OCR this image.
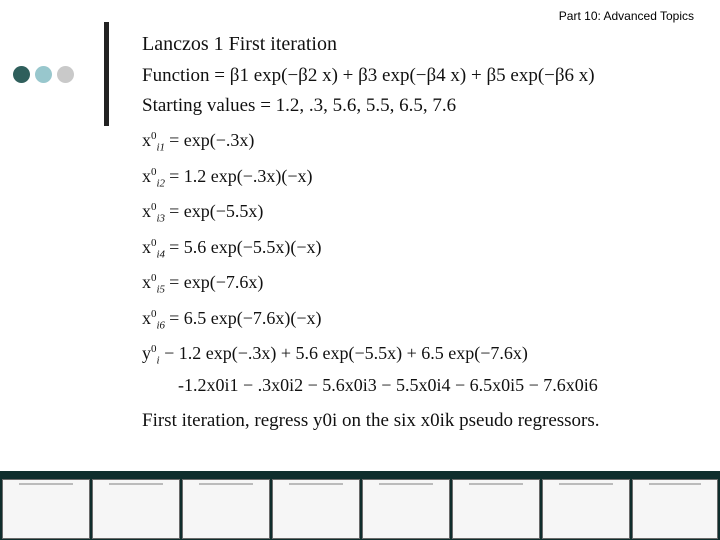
Part 10: Advanced Topics
Lanczos 1 First iteration
Function = β1 exp(−β2 x) + β3 exp(−β4 x) + β5 exp(−β6 x)
Starting values = 1.2, .3, 5.6, 5.5, 6.5, 7.6
$x^0_{i1} = \exp(-.3x)$
$x^0_{i2} = 1.2$ exp(−.3x)(−x)
$x^0_{i3} = \exp(-5.5x)$
$x^0_{i4} = 5.6$ exp(−5.5x)(−x)
$x^0_{i5} = \exp(-7.6x)$
$x^0_{i6} = 6.5$ exp(−7.6x)(−x)
$y^0_i - 1.2$ exp(−.3x) + 5.6 exp(−5.5x) + 6.5 exp(−7.6x)
-1.2x0i1 − .3x0i2 − 5.6x0i3 − 5.5x0i4 − 6.5x0i5 − 7.6x0i6
First iteration, regress y0i on the six x0ik pseudo regressors.
